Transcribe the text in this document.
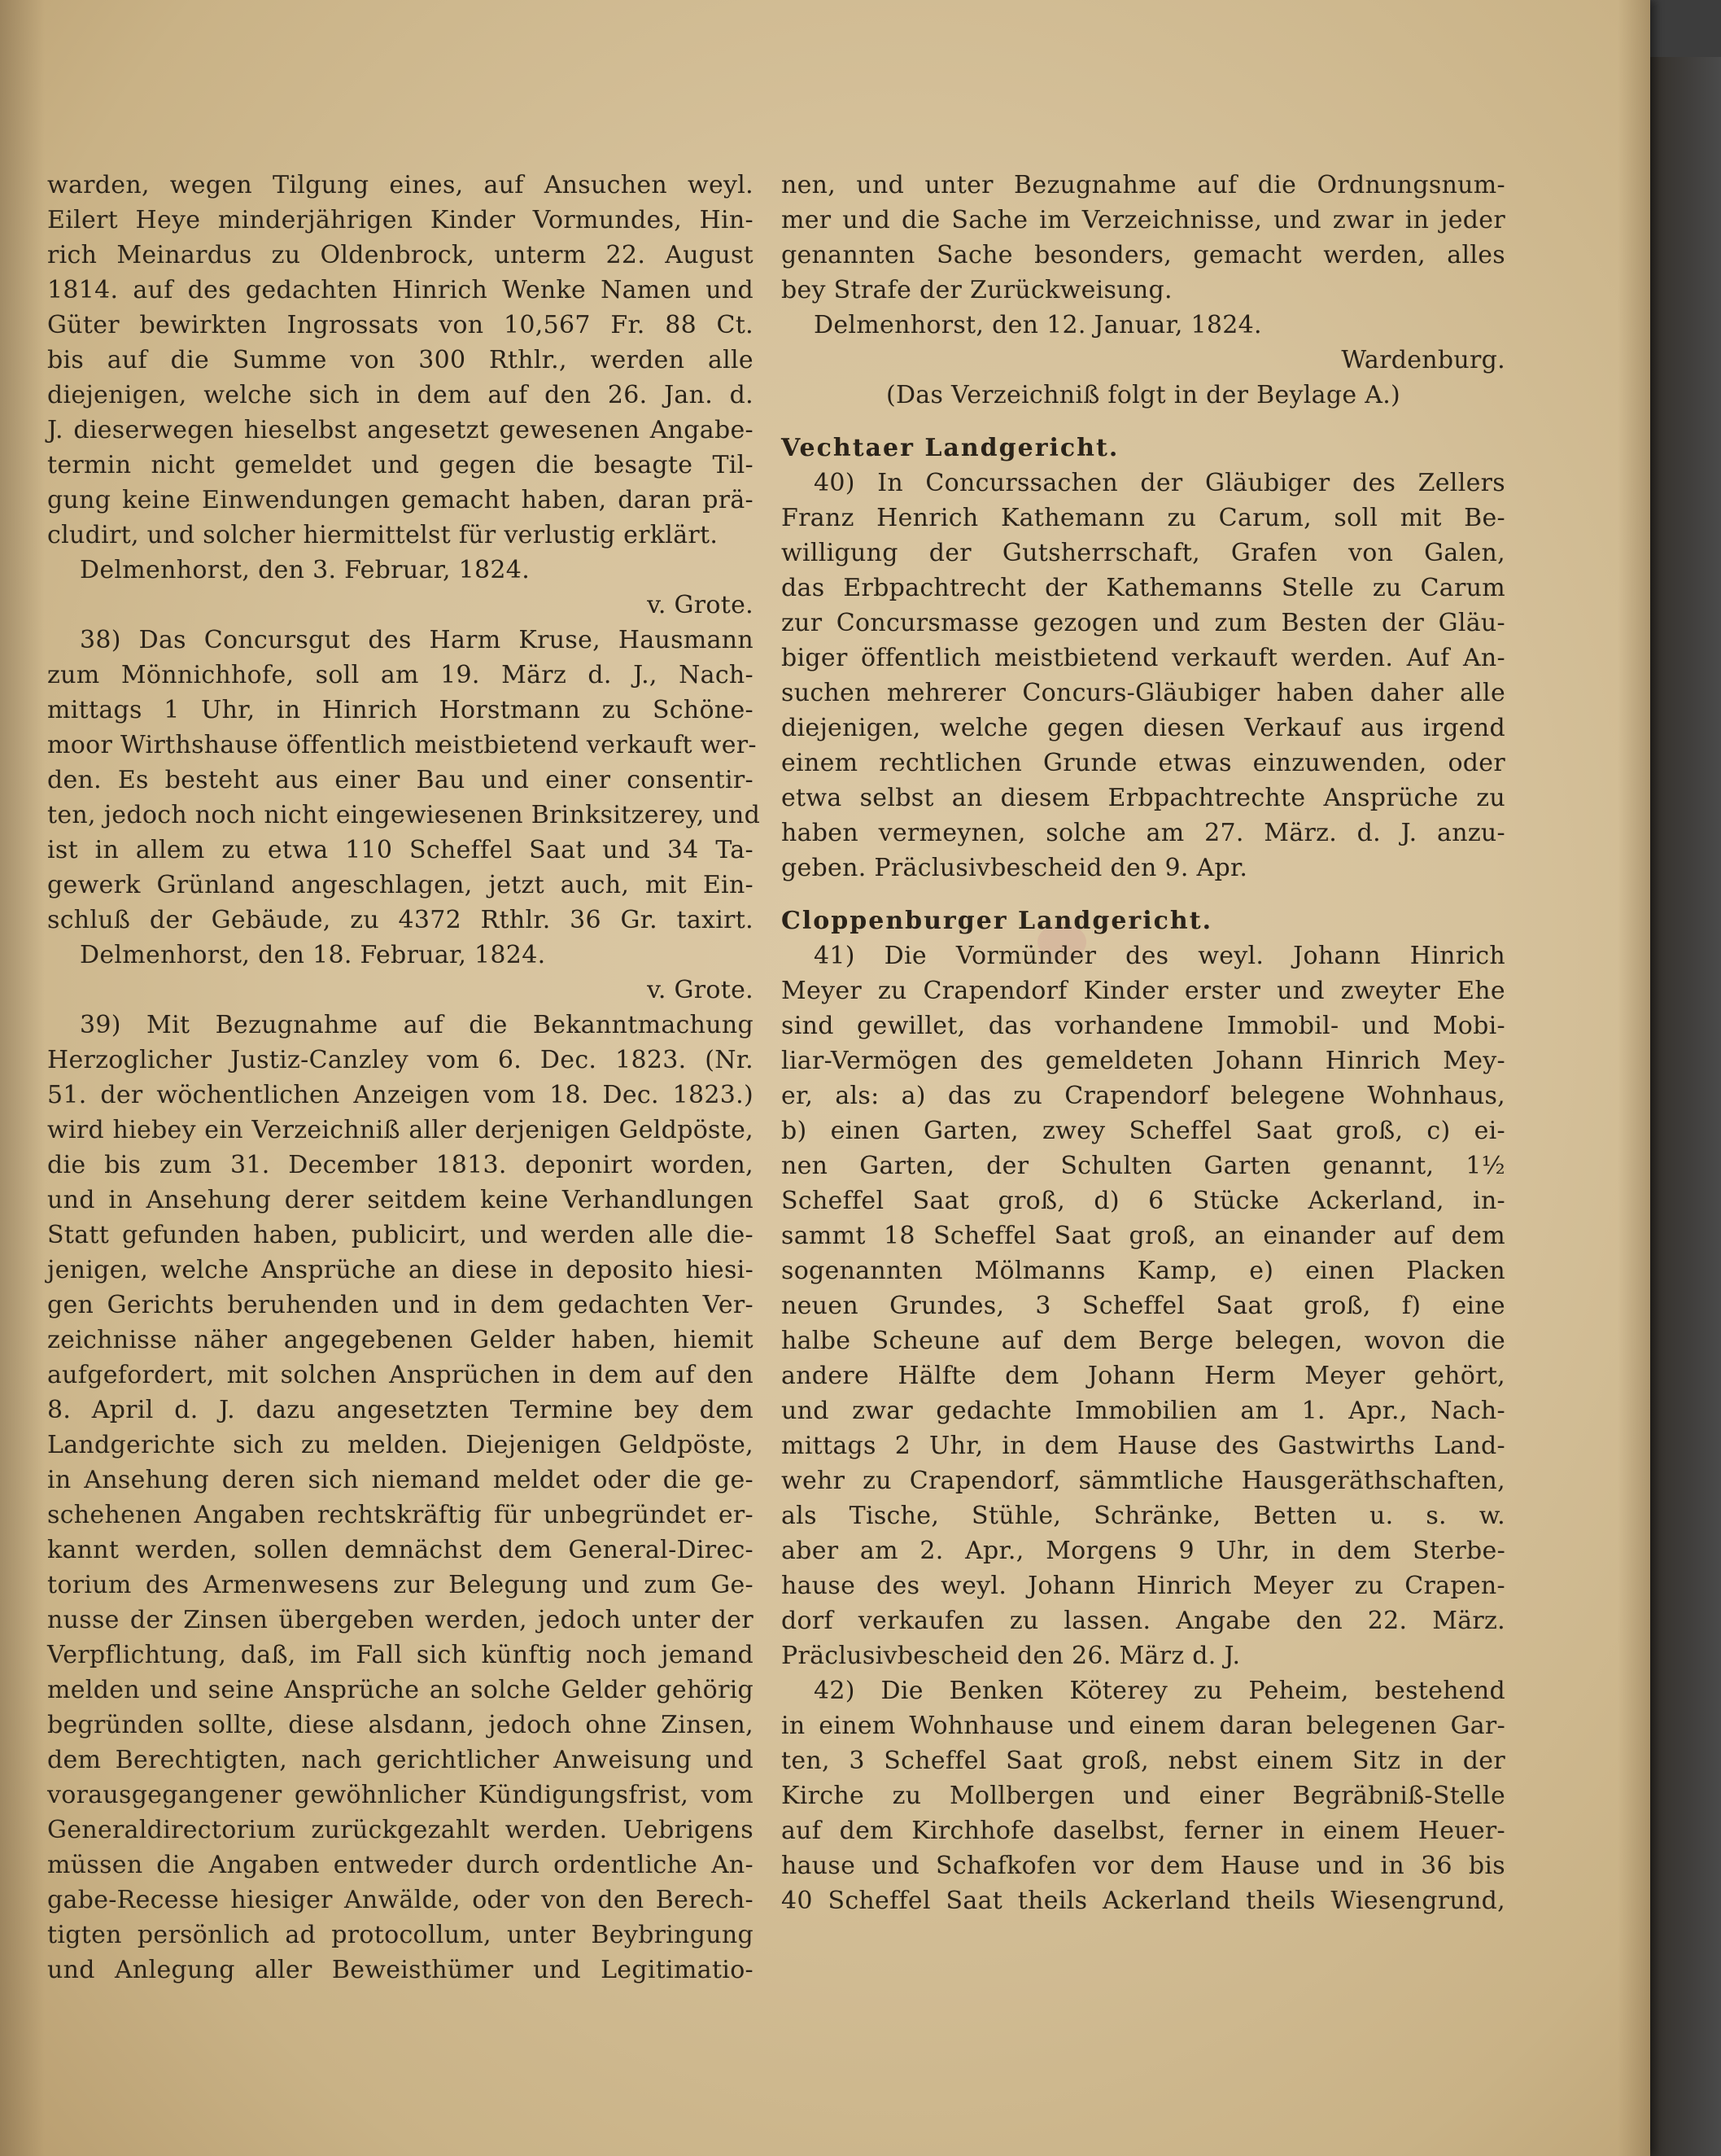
warden, wegen Tilgung eines, auf Ansuchen weyl.
Eilert Heye minderjährigen Kinder Vormundes, Hin-
rich Meinardus zu Oldenbrock, unterm 22. August
1814. auf des gedachten Hinrich Wenke Namen und
Güter bewirkten Ingrossats von 10,567 Fr. 88 Ct.
bis auf die Summe von 300 Rthlr., werden alle
diejenigen, welche sich in dem auf den 26. Jan. d.
J. dieserwegen hieselbst angesetzt gewesenen Angabe-
termin nicht gemeldet und gegen die besagte Til-
gung keine Einwendungen gemacht haben, daran prä-
cludirt, und solcher hiermittelst für verlustig erklärt.
Delmenhorst, den 3. Februar, 1824.
v. Grote.
38) Das Concursgut des Harm Kruse, Hausmann
zum Mönnichhofe, soll am 19. März d. J., Nach-
mittags 1 Uhr, in Hinrich Horstmann zu Schöne-
moor Wirthshause öffentlich meistbietend verkauft wer-
den. Es besteht aus einer Bau und einer consentir-
ten, jedoch noch nicht eingewiesenen Brinksitzerey, und
ist in allem zu etwa 110 Scheffel Saat und 34 Ta-
gewerk Grünland angeschlagen, jetzt auch, mit Ein-
schluß der Gebäude, zu 4372 Rthlr. 36 Gr. taxirt.
Delmenhorst, den 18. Februar, 1824.
v. Grote.
39) Mit Bezugnahme auf die Bekanntmachung
Herzoglicher Justiz-Canzley vom 6. Dec. 1823. (Nr.
51. der wöchentlichen Anzeigen vom 18. Dec. 1823.)
wird hiebey ein Verzeichniß aller derjenigen Geldpöste,
die bis zum 31. December 1813. deponirt worden,
und in Ansehung derer seitdem keine Verhandlungen
Statt gefunden haben, publicirt, und werden alle die-
jenigen, welche Ansprüche an diese in deposito hiesi-
gen Gerichts beruhenden und in dem gedachten Ver-
zeichnisse näher angegebenen Gelder haben, hiemit
aufgefordert, mit solchen Ansprüchen in dem auf den
8. April d. J. dazu angesetzten Termine bey dem
Landgerichte sich zu melden. Diejenigen Geldpöste,
in Ansehung deren sich niemand meldet oder die ge-
schehenen Angaben rechtskräftig für unbegründet er-
kannt werden, sollen demnächst dem General-Direc-
torium des Armenwesens zur Belegung und zum Ge-
nusse der Zinsen übergeben werden, jedoch unter der
Verpflichtung, daß, im Fall sich künftig noch jemand
melden und seine Ansprüche an solche Gelder gehörig
begründen sollte, diese alsdann, jedoch ohne Zinsen,
dem Berechtigten, nach gerichtlicher Anweisung und
vorausgegangener gewöhnlicher Kündigungsfrist, vom
Generaldirectorium zurückgezahlt werden. Uebrigens
müssen die Angaben entweder durch ordentliche An-
gabe-Recesse hiesiger Anwälde, oder von den Berech-
tigten persönlich ad protocollum, unter Beybringung
und Anlegung aller Beweisthümer und Legitimatio-
nen, und unter Bezugnahme auf die Ordnungsnum-
mer und die Sache im Verzeichnisse, und zwar in jeder
genannten Sache besonders, gemacht werden, alles
bey Strafe der Zurückweisung.
Delmenhorst, den 12. Januar, 1824.
Wardenburg.
(Das Verzeichniß folgt in der Beylage A.)
Vechtaer Landgericht.
40) In Concurssachen der Gläubiger des Zellers
Franz Henrich Kathemann zu Carum, soll mit Be-
willigung der Gutsherrschaft, Grafen von Galen,
das Erbpachtrecht der Kathemanns Stelle zu Carum
zur Concursmasse gezogen und zum Besten der Gläu-
biger öffentlich meistbietend verkauft werden. Auf An-
suchen mehrerer Concurs-Gläubiger haben daher alle
diejenigen, welche gegen diesen Verkauf aus irgend
einem rechtlichen Grunde etwas einzuwenden, oder
etwa selbst an diesem Erbpachtrechte Ansprüche zu
haben vermeynen, solche am 27. März. d. J. anzu-
geben. Präclusivbescheid den 9. Apr.
Cloppenburger Landgericht.
41) Die Vormünder des weyl. Johann Hinrich
Meyer zu Crapendorf Kinder erster und zweyter Ehe
sind gewillet, das vorhandene Immobil- und Mobi-
liar-Vermögen des gemeldeten Johann Hinrich Mey-
er, als: a) das zu Crapendorf belegene Wohnhaus,
b) einen Garten, zwey Scheffel Saat groß, c) ei-
nen Garten, der Schulten Garten genannt, 1½
Scheffel Saat groß, d) 6 Stücke Ackerland, in-
sammt 18 Scheffel Saat groß, an einander auf dem
sogenannten Mölmanns Kamp, e) einen Placken
neuen Grundes, 3 Scheffel Saat groß, f) eine
halbe Scheune auf dem Berge belegen, wovon die
andere Hälfte dem Johann Herm Meyer gehört,
und zwar gedachte Immobilien am 1. Apr., Nach-
mittags 2 Uhr, in dem Hause des Gastwirths Land-
wehr zu Crapendorf, sämmtliche Hausgeräthschaften,
als Tische, Stühle, Schränke, Betten u. s. w.
aber am 2. Apr., Morgens 9 Uhr, in dem Sterbe-
hause des weyl. Johann Hinrich Meyer zu Crapen-
dorf verkaufen zu lassen. Angabe den 22. März.
Präclusivbescheid den 26. März d. J.
42) Die Benken Köterey zu Peheim, bestehend
in einem Wohnhause und einem daran belegenen Gar-
ten, 3 Scheffel Saat groß, nebst einem Sitz in der
Kirche zu Mollbergen und einer Begräbniß-Stelle
auf dem Kirchhofe daselbst, ferner in einem Heuer-
hause und Schafkofen vor dem Hause und in 36 bis
40 Scheffel Saat theils Ackerland theils Wiesengrund,
